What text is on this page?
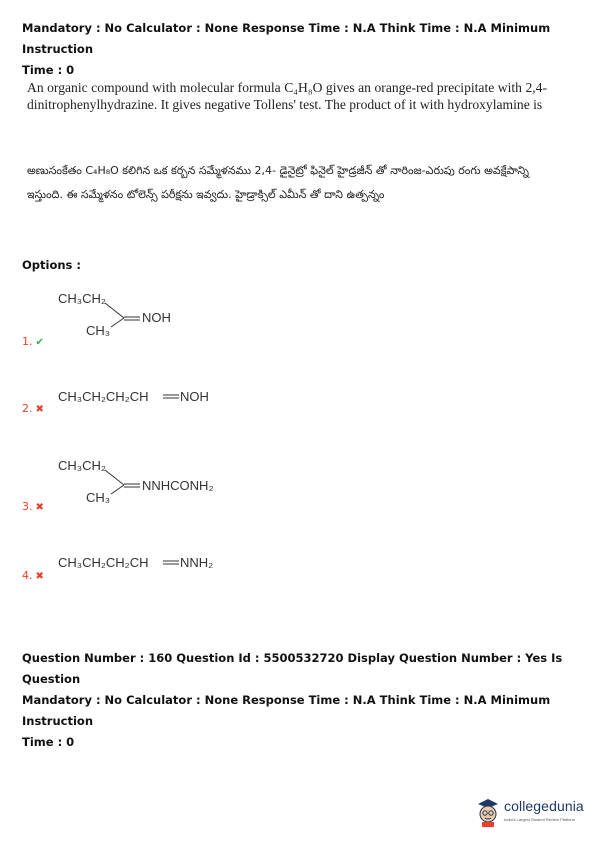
Mandatory : No Calculator : None Response Time : N.A Think Time : N.A Minimum Instruction
Time : 0
An organic compound with molecular formula C₄H₈O gives an orange-red precipitate with 2,4-dinitrophenylhydrazine. It gives negative Tollens' test. The product of it with hydroxylamine is
అణుసంకేతం C₄H₈O కలిగిన ఒక కర్బన సమ్మేళనము 2,4- డైనైట్రో ఫినైల్ హైడ్రజీన్ తో నారింజ-ఎరుపు రంగు అవక్షేపాన్ని ఇస్తుంది. ఈ సమ్మేళనం టోలెన్స్ పరీక్షను ఇవ్వదు. హైడ్రాక్సిల్ ఎమీన్ తో దాని ఉత్పన్నం
Options :
CH₃CH₂
CH₃
NOH
1. ✔
CH₃CH₂CH₂CH NOH
2. ✖
CH₃CH₂
CH₃
NNHCONH₂
3. ✖
CH₃CH₂CH₂CH NNH₂
4. ✖
Question Number : 160 Question Id : 5500532720 Display Question Number : Yes Is Question
Mandatory : No Calculator : None Response Time : N.A Think Time : N.A Minimum Instruction
Time : 0
collegedunia
India's Largest Student Review Platform
